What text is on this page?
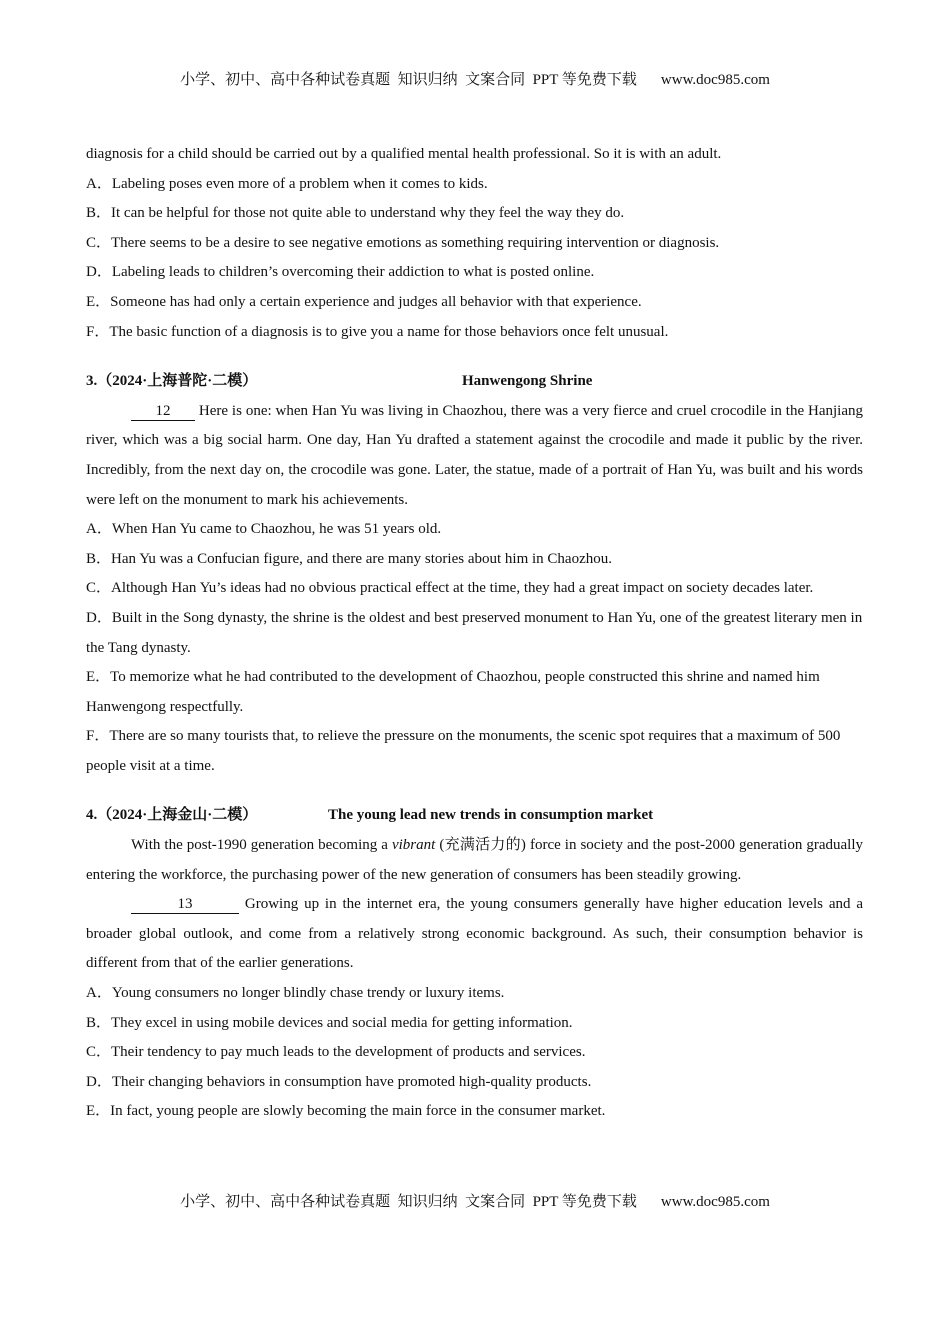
小学、初中、高中各种试卷真题  知识归纳  文案合同  PPT 等免费下载 www.doc985.com

diagnosis for a child should be carried out by a qualified mental health professional. So it is with an adult.

A．Labeling poses even more of a problem when it comes to kids.

B．It can be helpful for those not quite able to understand why they feel the way they do.

C．There seems to be a desire to see negative emotions as something requiring intervention or diagnosis.

D．Labeling leads to children’s overcoming their addiction to what is posted online.

E．Someone has had only a certain experience and judges all behavior with that experience.

F．The basic function of a diagnosis is to give you a name for those behaviors once felt unusual.

3.（2024·上海普陀·二模）	Hanwengong Shrine

12 Here is one: when Han Yu was living in Chaozhou, there was a very fierce and cruel crocodile in the Hanjiang river, which was a big social harm. One day, Han Yu drafted a statement against the crocodile and made it public by the river. Incredibly, from the next day on, the crocodile was gone. Later, the statue, made of a portrait of Han Yu, was built and his words were left on the monument to mark his achievements.

A．When Han Yu came to Chaozhou, he was 51 years old.

B．Han Yu was a Confucian figure, and there are many stories about him in Chaozhou.

C．Although Han Yu’s ideas had no obvious practical effect at the time, they had a great impact on society decades later.

D．Built in the Song dynasty, the shrine is the oldest and best preserved monument to Han Yu, one of the greatest literary men in the Tang dynasty.

E．To memorize what he had contributed to the development of Chaozhou, people constructed this shrine and named him Hanwengong respectfully.

F．There are so many tourists that, to relieve the pressure on the monuments, the scenic spot requires that a maximum of 500 people visit at a time.

4.（2024·上海金山·二模）	The young lead new trends in consumption market

With the post-1990 generation becoming a vibrant (充满活力的) force in society and the post-2000 generation gradually entering the workforce, the purchasing power of the new generation of consumers has been steadily growing.

13	Growing up in the internet era, the young consumers generally have higher education levels and a broader global outlook, and come from a relatively strong economic background. As such, their consumption behavior is different from that of the earlier generations.

A．Young consumers no longer blindly chase trendy or luxury items.

B．They excel in using mobile devices and social media for getting information.

C．Their tendency to pay much leads to the development of products and services.

D．Their changing behaviors in consumption have promoted high-quality products.

E．In fact, young people are slowly becoming the main force in the consumer market.

小学、初中、高中各种试卷真题  知识归纳  文案合同  PPT 等免费下载 www.doc985.com
